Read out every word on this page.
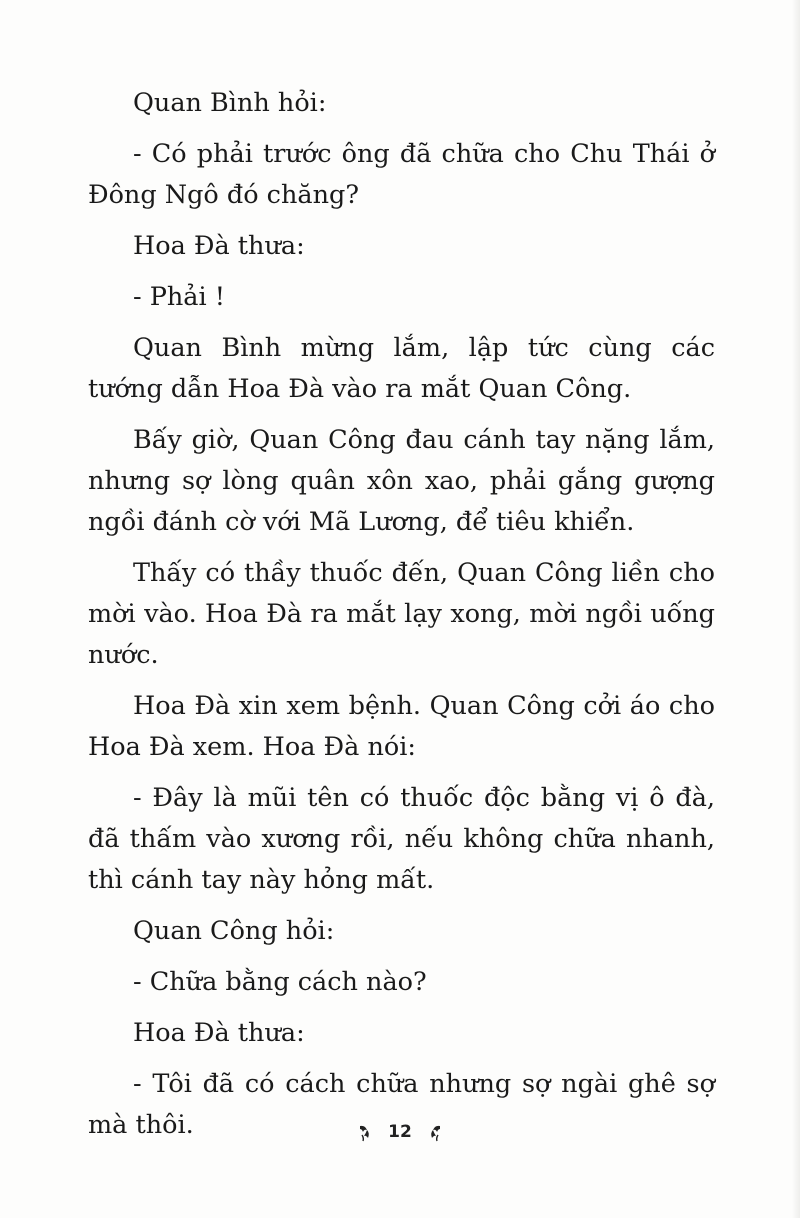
Quan Bình hỏi:

- Có phải trước ông đã chữa cho Chu Thái ở Đông Ngô đó chăng?

Hoa Đà thưa:

- Phải !

Quan Bình mừng lắm, lập tức cùng các tướng dẫn Hoa Đà vào ra mắt Quan Công.

Bấy giờ, Quan Công đau cánh tay nặng lắm, nhưng sợ lòng quân xôn xao, phải gắng gượng ngồi đánh cờ với Mã Lương, để tiêu khiển.

Thấy có thầy thuốc đến, Quan Công liền cho mời vào. Hoa Đà ra mắt lạy xong, mời ngồi uống nước.

Hoa Đà xin xem bệnh. Quan Công cởi áo cho Hoa Đà xem. Hoa Đà nói:

- Đây là mũi tên có thuốc độc bằng vị ô đà, đã thấm vào xương rồi, nếu không chữa nhanh, thì cánh tay này hỏng mất.

Quan Công hỏi:

- Chữa bằng cách nào?

Hoa Đà thưa:

- Tôi đã có cách chữa nhưng sợ ngài ghê sợ mà thôi.	12
